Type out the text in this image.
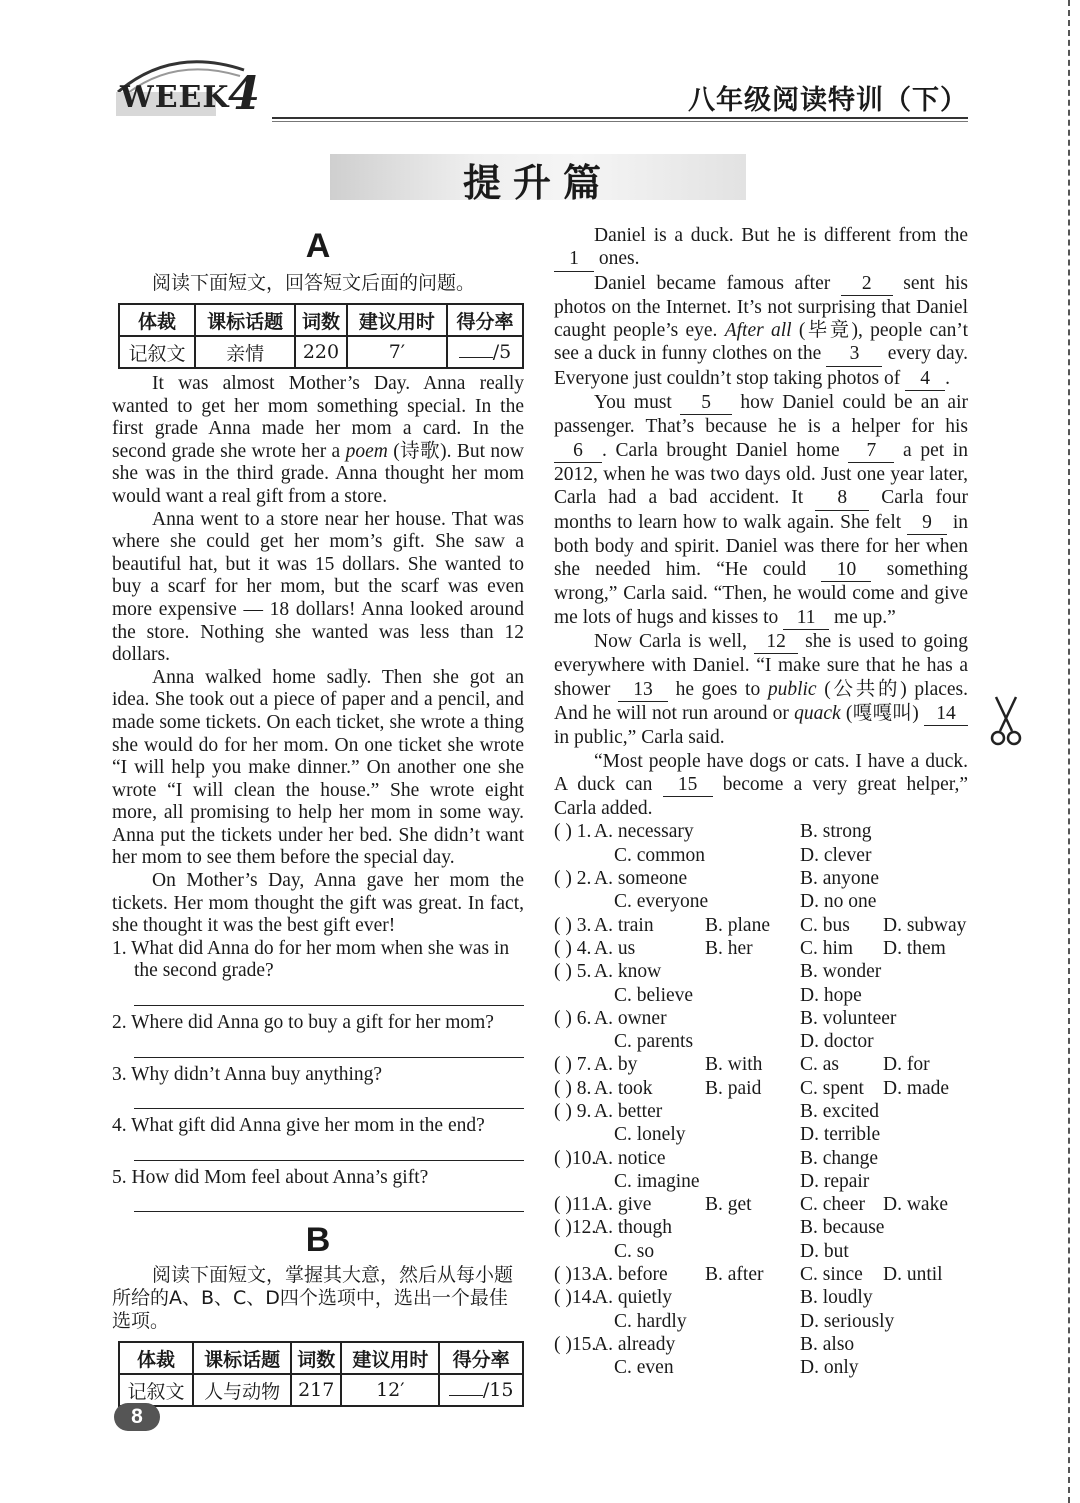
WEEK
4	八年级阅读特训（下）
提升篇
A
阅读下面短文，回答短文后面的问题。
体裁	课标话题	词数	建议用时	得分率
记叙文	亲情	220	7′	/5

It was almost Mother’s Day. Anna really wanted to get her mom something special. In the first grade Anna made her mom a card. In the second grade she wrote her a poem (诗歌). But now she was in the third grade. Anna thought her mom would want a real gift from a store.

Anna went to a store near her house. That was where she could get her mom’s gift. She saw a beautiful hat, but it was 15 dollars. She wanted to buy a scarf for her mom, but the scarf was even more expensive — 18 dollars! Anna looked around the store. Nothing she wanted was less than 12 dollars.

Anna walked home sadly. Then she got an idea. She took out a piece of paper and a pencil, and made some tickets. On each ticket, she wrote a thing she would do for her mom. On one ticket she wrote “I will help you make dinner.” On another one she wrote “I will clean the house.” She wrote eight more, all promising to help her mom in some way. Anna put the tickets under her bed. She didn’t want her mom to see them before the special day.

On Mother’s Day, Anna gave her mom the tickets. Her mom thought the gift was great. In fact, she thought it was the best gift ever!

1. What did Anna do for her mom when she was in the second grade?
2. Where did Anna go to buy a gift for her mom?
3. Why didn’t Anna buy anything?
4. What gift did Anna give her mom in the end?
5. How did Mom feel about Anna’s gift?
B
阅读下面短文，掌握其大意，然后从每小题所给的A、B、C、D四个选项中，选出一个最佳选项。
体裁	课标话题	词数	建议用时	得分率
记叙文	人与动物	217	12′	/15

Daniel is a duck. But he is different from the 1 ones.

Daniel became famous after 2 sent his photos on the Internet. It’s not surprising that Daniel caught people’s eye. After all (毕竟), people can’t see a duck in funny clothes on the 3 every day. Everyone just couldn’t stop taking photos of 4 .

You must 5 how Daniel could be an air passenger. That’s because he is a helper for his 6 . Carla brought Daniel home 7 a pet in 2012, when he was two days old. Just one year later, Carla had a bad accident. It 8 Carla four months to learn how to walk again. She felt 9 in both body and spirit. Daniel was there for her when she needed him. “He could 10 something wrong,” Carla said. “Then, he would come and give me lots of hugs and kisses to 11 me up.”

Now Carla is well, 12 she is used to going everywhere with Daniel. “I make sure that he has a shower 13 he goes to public (公共的) places. And he will not run around or quack (嘎嘎叫) 14 in public,” Carla said.

“Most people have dogs or cats. I have a duck. A duck can 15 become a very great helper,” Carla added.

( ) 1. A. necessary	B. strong
C. common	D. clever
( ) 2. A. someone	B. anyone
C. everyone	D. no one
( ) 3. A. train	B. plane C. bus D. subway
( ) 4. A. us	B. her C. him D. them
( ) 5. A. know	B. wonder
C. believe	D. hope
( ) 6. A. owner	B. volunteer
C. parents	D. doctor
( ) 7. A. by	B. with C. as D. for
( ) 8. A. took	B. paid C. spent D. made
( ) 9. A. better	B. excited
C. lonely	D. terrible
( )10.
A. notice	B. change
C. imagine	D. repair
( )11.
A. give	B. get C. cheer D. wake
( )12.
A. though	B. because
C. so	D. but
( )13.
A. before B. after C. since D. until
( )14.
A. quietly	B. loudly
C. hardly	D. seriously
( )15.
A. already	B. also
C. even	D. only
8
